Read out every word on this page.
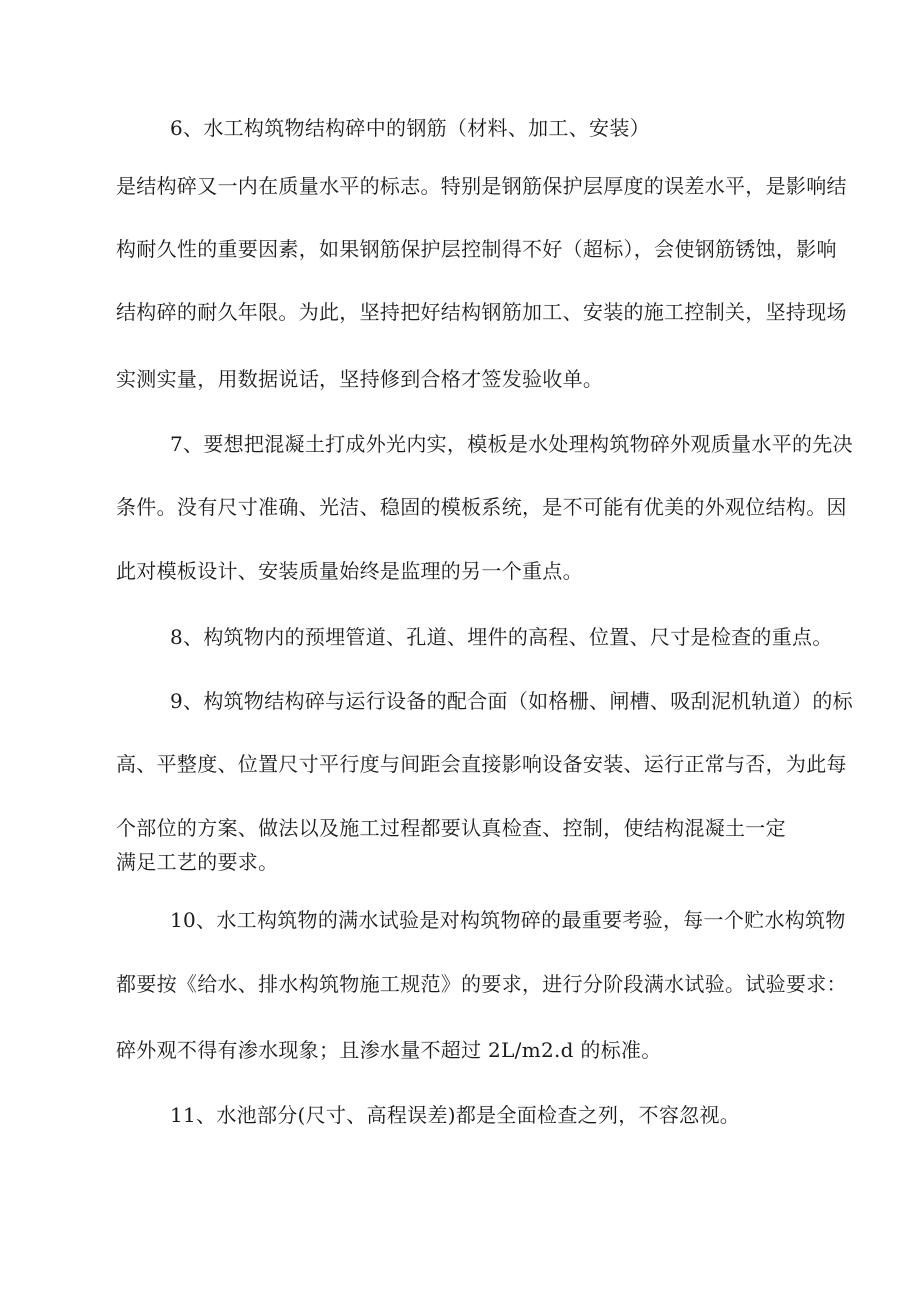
6、水工构筑物结构碎中的钢筋（材料、加工、安装）
是结构碎又一内在质量水平的标志。特别是钢筋保护层厚度的误差水平，是影响结
构耐久性的重要因素，如果钢筋保护层控制得不好（超标），会使钢筋锈蚀，影响
结构碎的耐久年限。为此，坚持把好结构钢筋加工、安装的施工控制关，坚持现场
实测实量，用数据说话，坚持修到合格才签发验收单。
7、要想把混凝土打成外光内实，模板是水处理构筑物碎外观质量水平的先决
条件。没有尺寸准确、光洁、稳固的模板系统，是不可能有优美的外观位结构。因
此对模板设计、安装质量始终是监理的另一个重点。
8、构筑物内的预埋管道、孔道、埋件的高程、位置、尺寸是检查的重点。
9、构筑物结构碎与运行设备的配合面（如格栅、闸槽、吸刮泥机轨道）的标
高、平整度、位置尺寸平行度与间距会直接影响设备安装、运行正常与否，为此每
个部位的方案、做法以及施工过程都要认真检查、控制，使结构混凝土一定
满足工艺的要求。
10、水工构筑物的满水试验是对构筑物碎的最重要考验，每一个贮水构筑物
都要按《给水、排水构筑物施工规范》的要求，进行分阶段满水试验。试验要求：
碎外观不得有渗水现象；且渗水量不超过 2L∕m2.d 的标准。
11、水池部分(尺寸、高程误差)都是全面检查之列，不容忽视。
